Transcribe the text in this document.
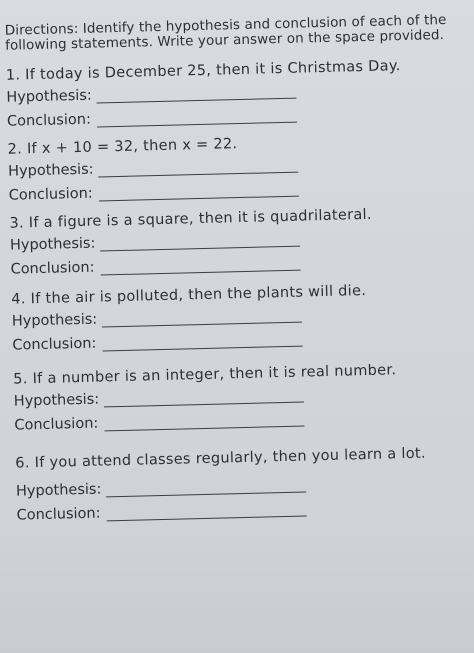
Directions: Identify the hypothesis and conclusion of each of the following statements. Write your answer on the space provided.
1. If today is December 25, then it is Christmas Day.
Hypothesis:
Conclusion:
2. If x + 10 = 32, then x = 22.
Hypothesis:
Conclusion:
3. If a figure is a square, then it is quadrilateral.
Hypothesis:
Conclusion:
4. If the air is polluted, then the plants will die.
Hypothesis:
Conclusion:
5. If a number is an integer, then it is real number.
Hypothesis:
Conclusion:
6. If you attend classes regularly, then you learn a lot.
Hypothesis:
Conclusion:
